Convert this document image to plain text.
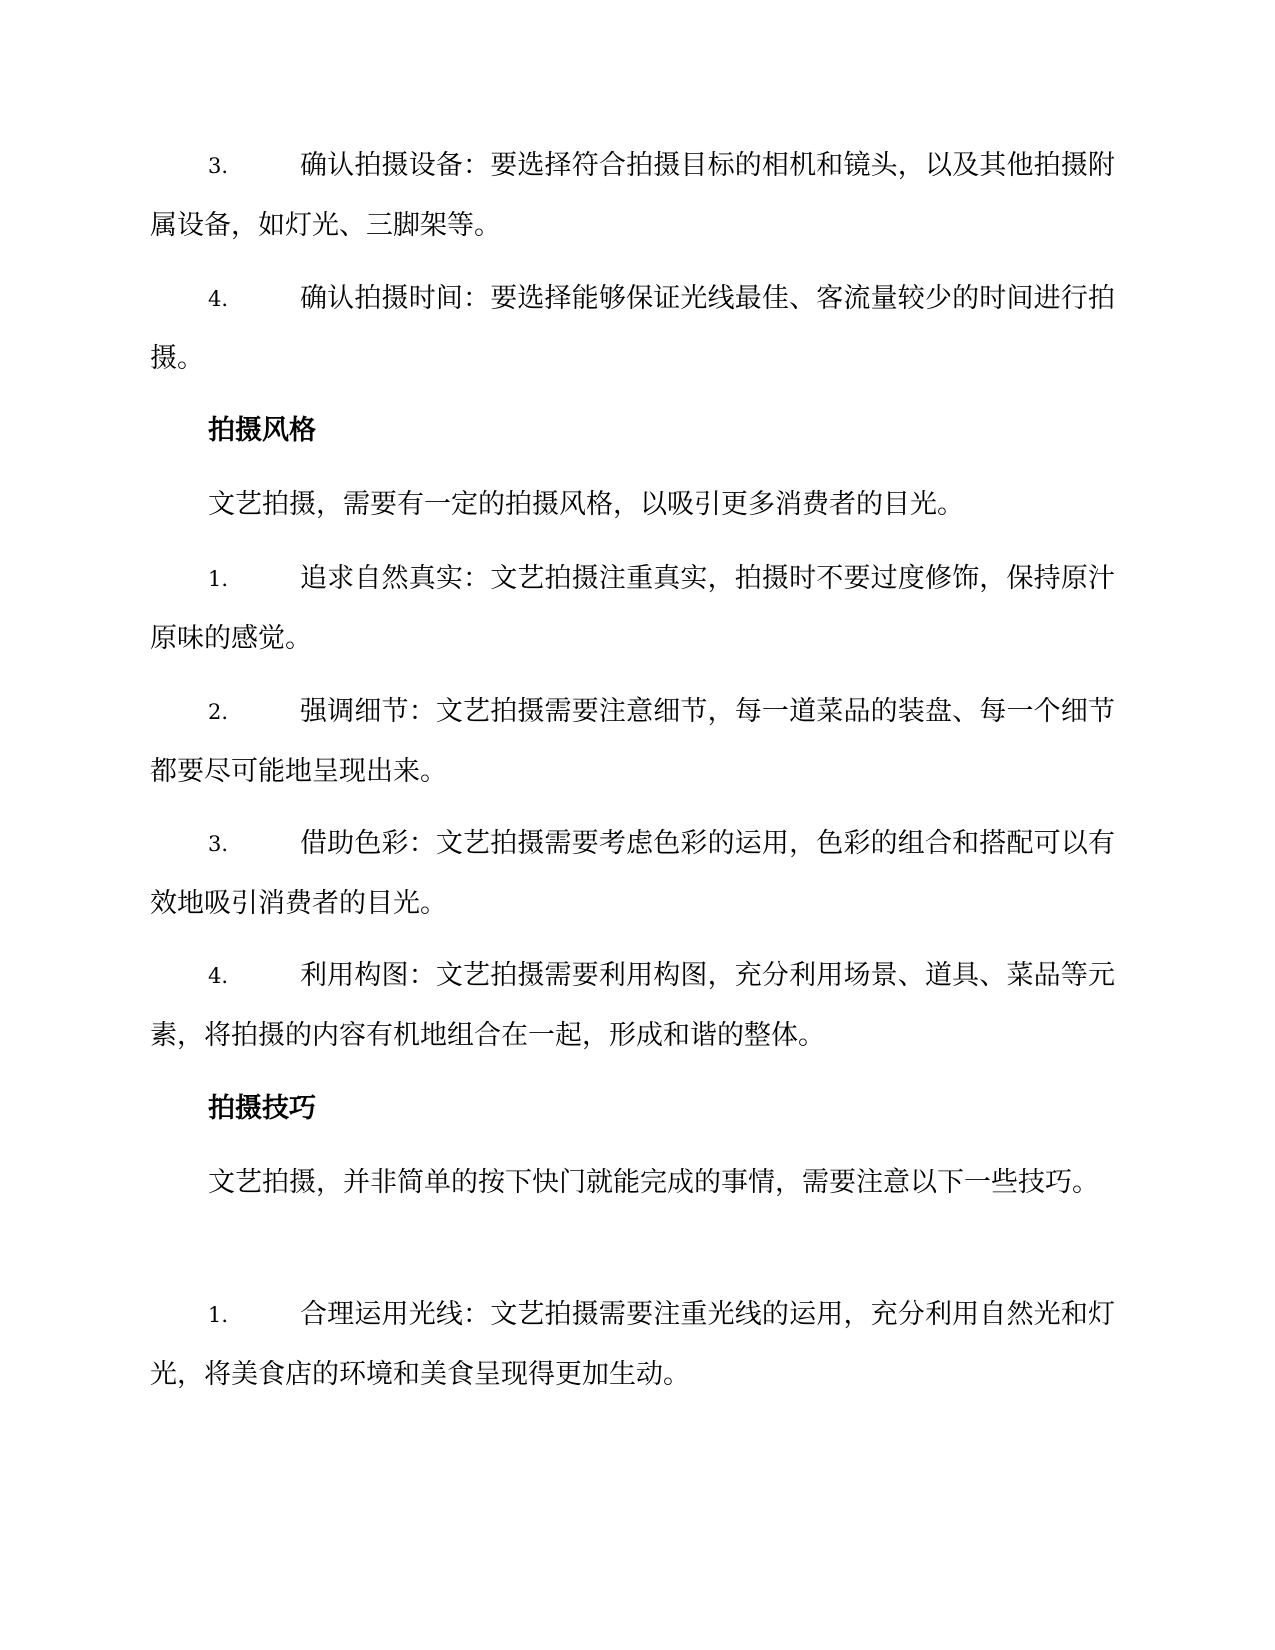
3.	确认拍摄设备：要选择符合拍摄目标的相机和镜头，以及其他拍摄附属设备，如灯光、三脚架等。
4.	确认拍摄时间：要选择能够保证光线最佳、客流量较少的时间进行拍摄。
拍摄风格
文艺拍摄，需要有一定的拍摄风格，以吸引更多消费者的目光。
1.	追求自然真实：文艺拍摄注重真实，拍摄时不要过度修饰，保持原汁原味的感觉。
2.	强调细节：文艺拍摄需要注意细节，每一道菜品的装盘、每一个细节都要尽可能地呈现出来。
3.	借助色彩：文艺拍摄需要考虑色彩的运用，色彩的组合和搭配可以有效地吸引消费者的目光。
4.	利用构图：文艺拍摄需要利用构图，充分利用场景、道具、菜品等元素，将拍摄的内容有机地组合在一起，形成和谐的整体。
拍摄技巧
文艺拍摄，并非简单的按下快门就能完成的事情，需要注意以下一些技巧。
1.	合理运用光线：文艺拍摄需要注重光线的运用，充分利用自然光和灯光，将美食店的环境和美食呈现得更加生动。
